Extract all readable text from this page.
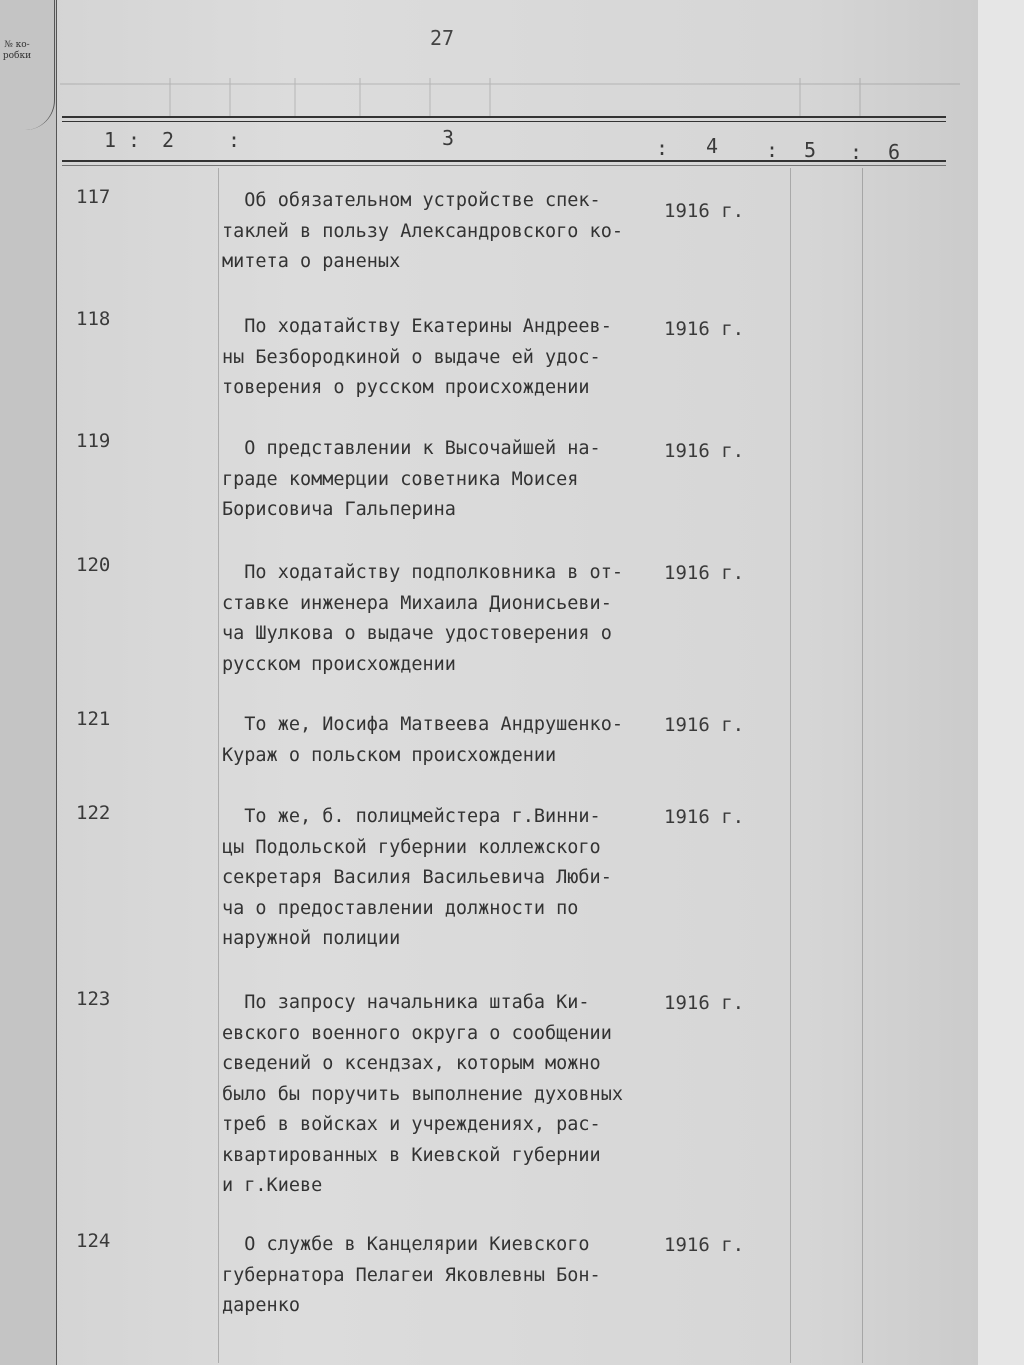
№ ко-
робки
27
1 : 2	:	3	: 4 : 5 : 6
117	Об обязательном устройстве спек-
таклей в пользу Александровского ко-
митета о раненых
1916 г.
118	По ходатайству Екатерины Андреев-
ны Безбородкиной о выдаче ей удос-
товерения о русском происхождении
1916 г.
119	О представлении к Высочайшей на-
граде коммерции советника Моисея
Борисовича Гальперина
1916 г.
120	По ходатайству подполковника в от-
ставке инженера Михаила Дионисьеви-
ча Шулкова о выдаче удостоверения о
русском происхождении
1916 г.
121	То же, Иосифа Матвеева Андрушенко-
Кураж о польском происхождении
1916 г.
122	То же, б. полицмейстера г.Винни-
цы Подольской губернии коллежского
секретаря Василия Васильевича Люби-
ча о предоставлении должности по
наружной полиции
1916 г.
123	По запросу начальника штаба Ки-
евского военного округа о сообщении
сведений о ксендзах, которым можно
было бы поручить выполнение духовных
треб в войсках и учреждениях, рас-
квартированных в Киевской губернии
и г.Киеве
1916 г.
124	О службе в Канцелярии Киевского
губернатора Пелагеи Яковлевны Бон-
даренко
1916 г.
